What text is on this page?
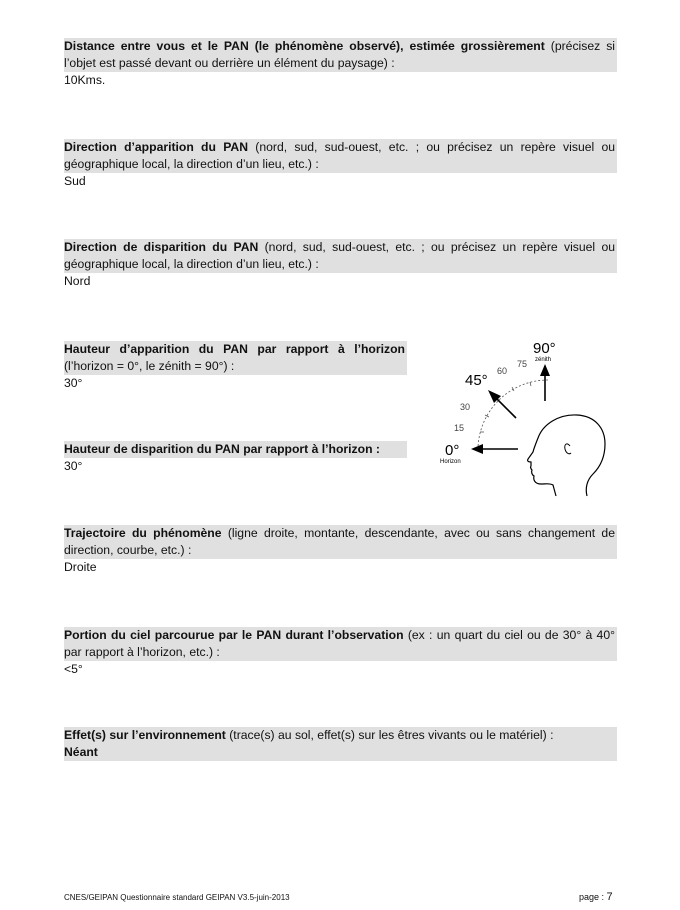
Distance entre vous et le PAN (le phénomène observé), estimée grossièrement (précisez si l’objet est passé devant ou derrière un élément du paysage) :
10Kms.
Direction d’apparition du PAN (nord, sud, sud-ouest, etc. ; ou précisez un repère visuel ou géographique local, la direction d’un lieu, etc.) :
Sud
Direction de disparition du PAN (nord, sud, sud-ouest, etc. ; ou précisez un repère visuel ou géographique local, la direction d’un lieu, etc.) :
Nord
Hauteur d’apparition du PAN par rapport à l’horizon (l’horizon = 0°, le zénith = 90°) :
30°
Hauteur de disparition du PAN par rapport à l’horizon :
30°
90°
zénith
75
60
45°
30
15
0°
Horizon
Trajectoire du phénomène (ligne droite, montante, descendante, avec ou sans changement de direction, courbe, etc.) :
Droite
Portion du ciel parcourue par le PAN durant l’observation (ex : un quart du ciel ou de 30° à 40° par rapport à l’horizon, etc.) :
<5°
Effet(s) sur l’environnement (trace(s) au sol, effet(s) sur les êtres vivants ou le matériel) :
Néant
CNES/GEIPAN Questionnaire standard GEIPAN V3.5-juin-2013	page : 7
